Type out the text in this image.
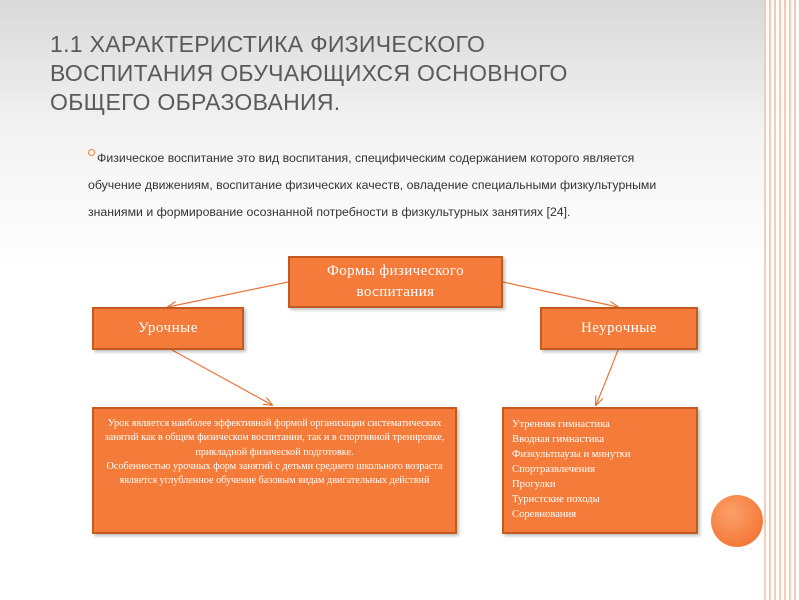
1.1 ХАРАКТЕРИСТИКА ФИЗИЧЕСКОГО ВОСПИТАНИЯ ОБУЧАЮЩИХСЯ ОСНОВНОГО ОБЩЕГО ОБРАЗОВАНИЯ.
Физическое воспитание это вид воспитания, специфическим содержанием которого является обучение движениям, воспитание физических качеств, овладение специальными физкультурными знаниями и формирование осознанной потребности в физкультурных занятиях [24].
Формы физического воспитания
Урочные	Неурочные

Урок является наиболее эффективной формой организации систематических занятий как в общем физическом воспитании, так и в спортивной тренировке, прикладной физической подготовке.

Особенностью урочных форм занятий с детьми среднего школьного возраста является углубленное обучение базовым видам двигательных действий

Утренняя гимнастика
Вводная гимнастика
Физкультпаузы и минутки
Спортразвлечения
Прогулки
Туристские походы
Соревнования
